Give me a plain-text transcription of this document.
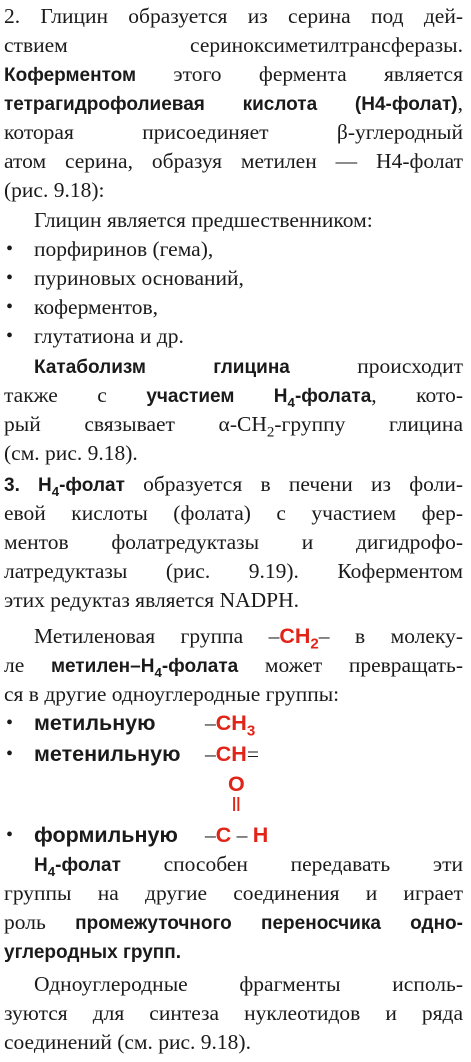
2. Глицин образуется из серина под дей-
ствием сериноксиметилтрансферазы.
Коферментом этого фермента является
тетрагидрофолиевая кислота (Н4-фолат),
которая присоединяет β-углеродный
атом серина, образуя метилен — Н4-фолат
(рис. 9.18):
Глицин является предшественником:
• порфиринов (гема),
• пуриновых оснований,
• коферментов,
• глутатиона и др.
Катаболизм глицина происходит
также с участием $Н_4$-фолата, кото-
рый связывает $\alpha-СН_2$-группу глицина
(см. рис. 9.18).
3. $Н_4$-фолат образуется в печени из фоли-
евой кислоты (фолата) с участием фер-
ментов фолатредуктазы и дигидрофо-
латредуктазы (рис. 9.19). Коферментом
этих редуктаз является NADPH.
Метиленовая группа $-СН_2-$ в молеку-
ле метилен–$Н_4$-фолата может превращать-
ся в другие одноуглеродные группы:
• метильную $-СН_3$
• метенильную –СН=
О
||
• формильную –С – Н
$Н_4$-фолат способен передавать эти
группы на другие соединения и играет
роль промежуточного переносчика одно-
углеродных групп.
Одноуглеродные фрагменты исполь-
зуются для синтеза нуклеотидов и ряда
соединений (см. рис. 9.18).
